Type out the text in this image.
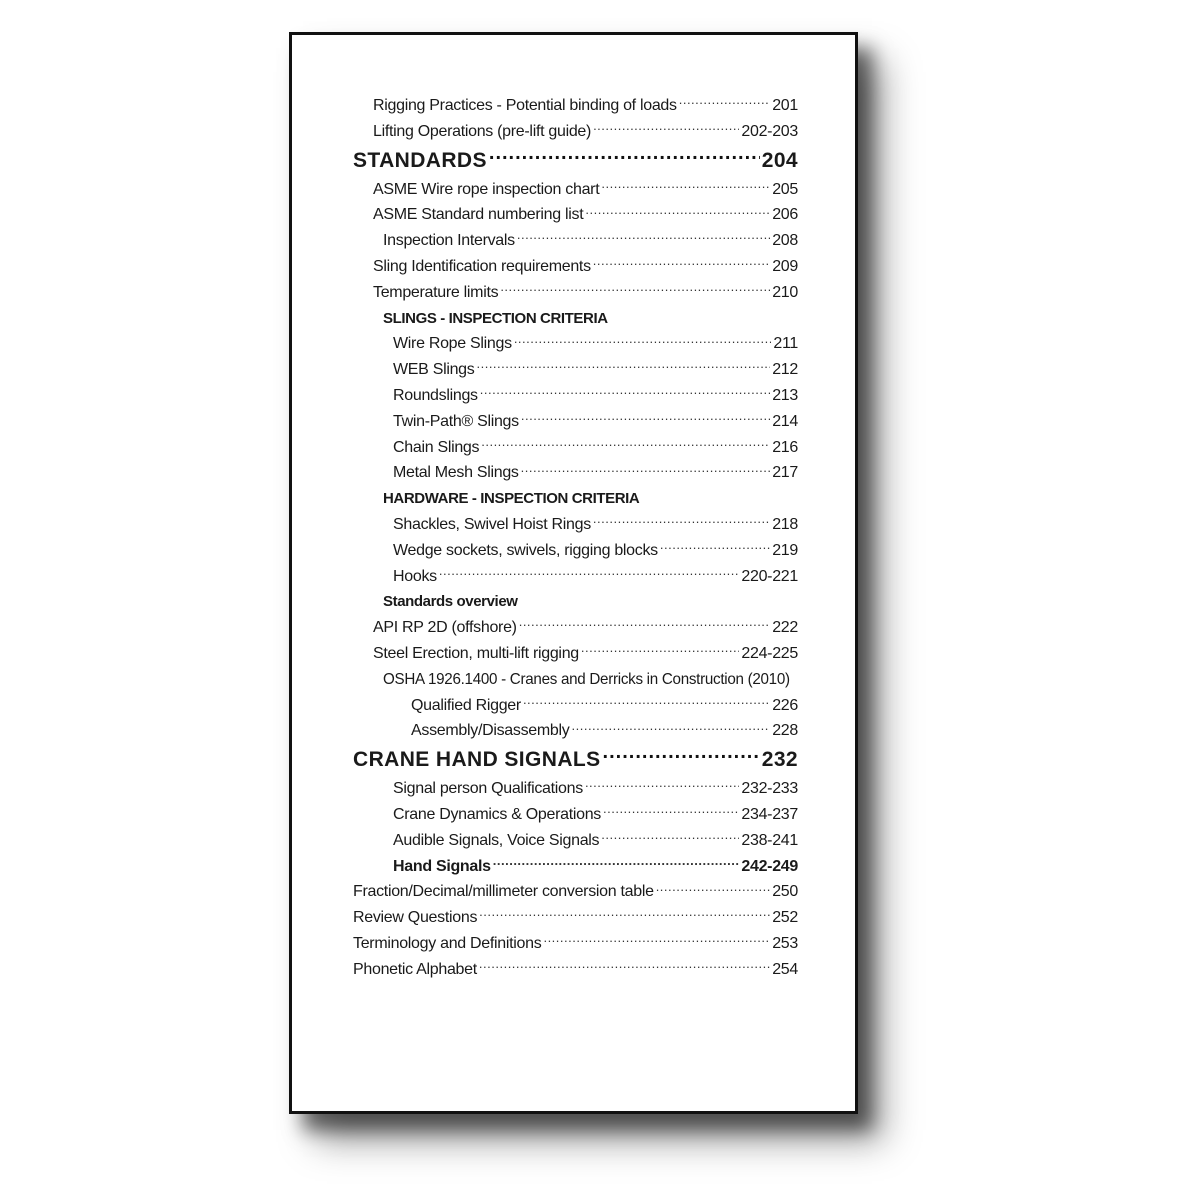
Rigging Practices - Potential binding of loads .....	201
Lifting Operations (pre-lift guide) .....	202-203
STANDARDS .....	204
ASME Wire rope inspection chart .....	205
ASME Standard numbering list .....	206
Inspection Intervals .....	208
Sling Identification requirements .....	209
Temperature limits .....	210
SLINGS - INSPECTION CRITERIA
Wire Rope Slings .....	211
WEB Slings .....	212
Roundslings .....	213
Twin-Path® Slings .....	214
Chain Slings .....	216
Metal Mesh Slings .....	217
HARDWARE - INSPECTION CRITERIA
Shackles, Swivel Hoist Rings .....	218
Wedge sockets, swivels, rigging blocks .....	219
Hooks .....	220-221
Standards overview
API RP 2D (offshore) .....	222
Steel Erection, multi-lift rigging .....	224-225
OSHA 1926.1400 - Cranes and Derricks in Construction (2010)
Qualified Rigger .....	226
Assembly/Disassembly .....	228
CRANE HAND SIGNALS .....	232
Signal person Qualifications .....	232-233
Crane Dynamics & Operations .....	234-237
Audible Signals, Voice Signals .....	238-241
Hand Signals .....	242-249
Fraction/Decimal/millimeter conversion table .....	250
Review Questions .....	252
Terminology and Definitions .....	253
Phonetic Alphabet .....	254
